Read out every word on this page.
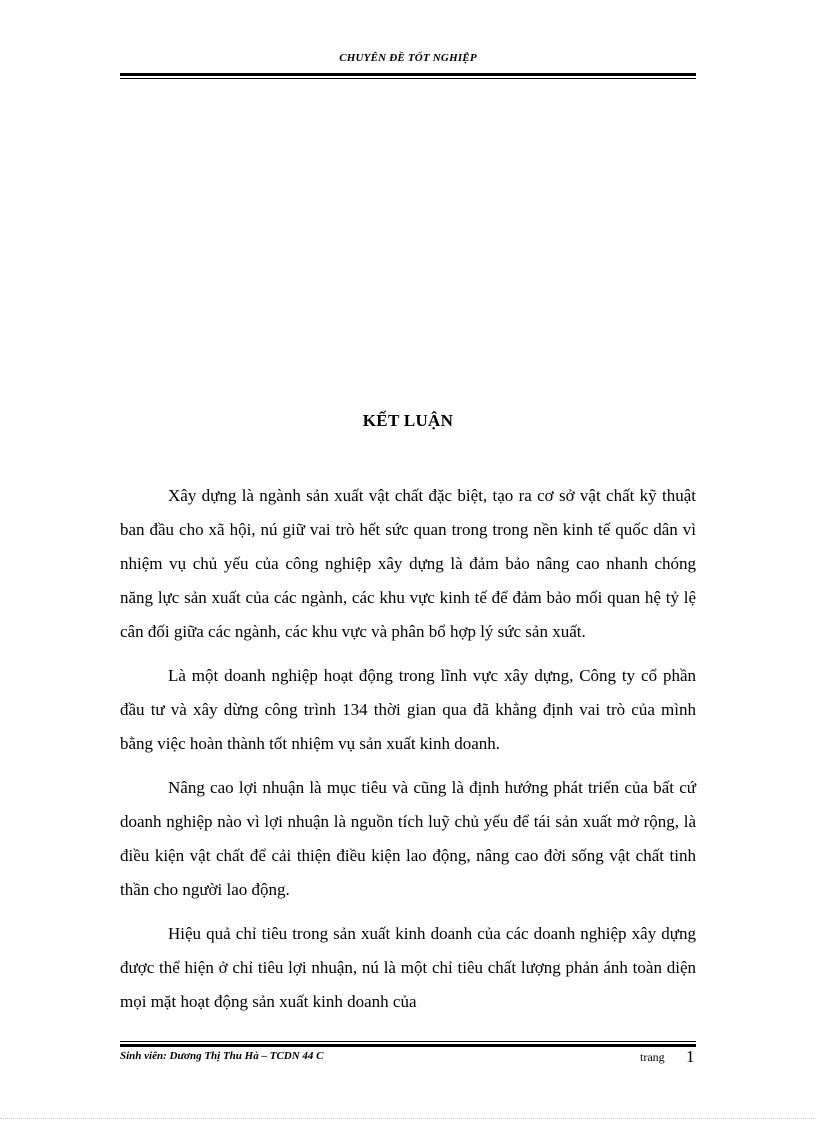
CHUYÊN ĐỀ TỐT NGHIỆP
KẾT LUẬN

Xây dựng là ngành sản xuất vật chất đặc biệt, tạo ra cơ sở vật chất kỹ thuật ban đầu cho xã hội, nú giữ vai trò hết sức quan trong trong nền kinh tế quốc dân vì nhiệm vụ chủ yếu của công nghiệp xây dựng là đảm bảo nâng cao nhanh chóng năng lực sản xuất của các ngành, các khu vực kinh tế để đảm bảo mối quan hệ tỷ lệ cân đối giữa các ngành, các khu vực và phân bổ hợp lý sức sản xuất.

Là một doanh nghiệp hoạt động trong lĩnh vực xây dựng, Công ty cổ phần đầu tư và xây dừng công trình 134 thời gian qua đã khẳng định vai trò của mình bằng việc hoàn thành tốt nhiệm vụ sản xuất kinh doanh.

Nâng cao lợi nhuận là mục tiêu và cũng là định hướng phát triển của bất cứ doanh nghiệp nào vì lợi nhuận là nguồn tích luỹ chủ yếu để tái sản xuất mở rộng, là điều kiện vật chất để cải thiện điều kiện lao động, nâng cao đời sống vật chất tinh thần cho người lao động.

Hiệu quả chỉ tiêu trong sản xuất kinh doanh của các doanh nghiệp xây dựng được thể hiện ở chỉ tiêu lợi nhuận, nú là một chỉ tiêu chất lượng phản ánh toàn diện mọi mặt hoạt động sản xuất kinh doanh của

Sinh viên: Dương Thị Thu Hà – TCDN 44 C	trang 1
